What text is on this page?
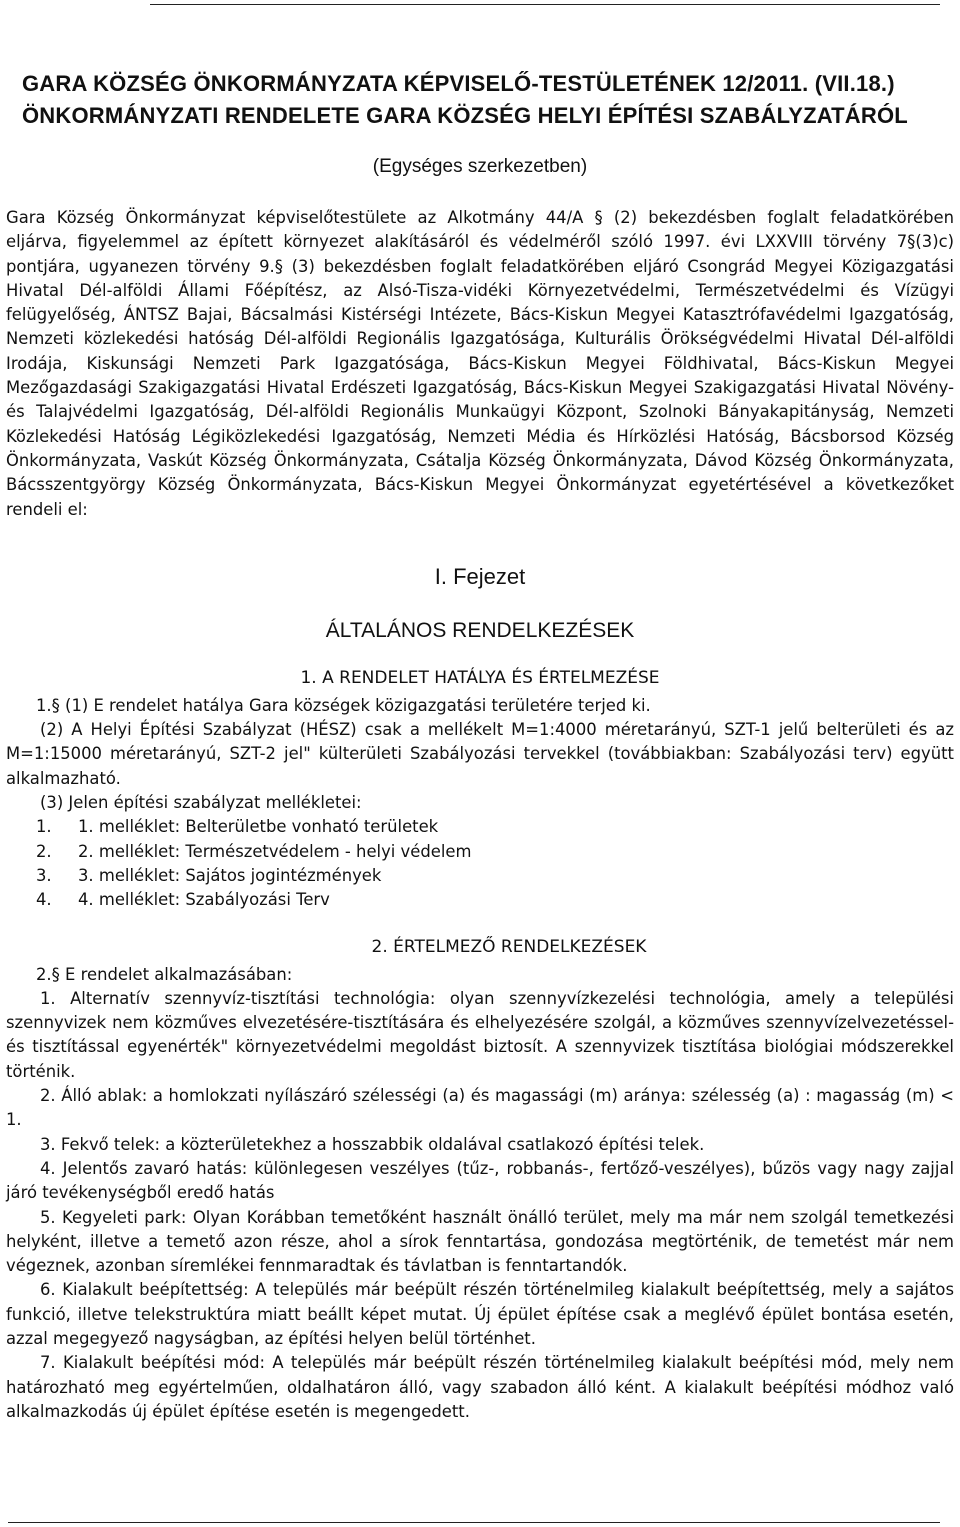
GARA KÖZSÉG ÖNKORMÁNYZATA KÉPVISELŐ-TESTÜLETÉNEK 12/2011. (VII.18.) ÖNKORMÁNYZATI RENDELETE GARA KÖZSÉG HELYI ÉPÍTÉSI SZABÁLYZATÁRÓL
(Egységes szerkezetben)

Gara Község Önkormányzat képviselőtestülete az Alkotmány 44/A § (2) bekezdésben foglalt feladatkörében eljárva, figyelemmel az épített környezet alakításáról és védelméről szóló 1997. évi LXXVIII törvény 7§(3)c) pontjára, ugyanezen törvény 9.§ (3) bekezdésben foglalt feladatkörében eljáró Csongrád Megyei Közigazgatási Hivatal Dél-alföldi Állami Főépítész, az Alsó-Tisza-vidéki Környezetvédelmi, Természetvédelmi és Vízügyi felügyelőség, ÁNTSZ Bajai, Bácsalmási Kistérségi Intézete, Bács-Kiskun Megyei Katasztrófavédelmi Igazgatóság, Nemzeti közlekedési hatóság Dél-alföldi Regionális Igazgatósága, Kulturális Örökségvédelmi Hivatal Dél-alföldi Irodája, Kiskunsági Nemzeti Park Igazgatósága, Bács-Kiskun Megyei Földhivatal, Bács-Kiskun Megyei Mezőgazdasági Szakigazgatási Hivatal Erdészeti Igazgatóság, Bács-Kiskun Megyei Szakigazgatási Hivatal Növény-és Talajvédelmi Igazgatóság, Dél-alföldi Regionális Munkaügyi Központ, Szolnoki Bányakapitányság, Nemzeti Közlekedési Hatóság Légiközlekedési Igazgatóság, Nemzeti Média és Hírközlési Hatóság, Bácsborsod Község Önkormányzata, Vaskút Község Önkormányzata, Csátalja Község Önkormányzata, Dávod Község Önkormányzata, Bácsszentgyörgy Község Önkormányzata, Bács-Kiskun Megyei Önkormányzat egyetértésével a következőket rendeli el:

I. Fejezet
ÁLTALÁNOS RENDELKEZÉSEK
1. A RENDELET HATÁLYA ÉS ÉRTELMEZÉSE

1.§ (1) E rendelet hatálya Gara községek közigazgatási területére terjed ki.

(2) A Helyi Építési Szabályzat (HÉSZ) csak a mellékelt M=1:4000 méretarányú, SZT-1 jelű belterületi és az M=1:15000 méretarányú, SZT-2 jel" külterületi Szabályozási tervekkel (továbbiakban: Szabályozási terv) együtt alkalmazható.

(3) Jelen építési szabályzat mellékletei:

1.	1. melléklet: Belterületbe vonható területek
2.	2. melléklet: Természetvédelem - helyi védelem
3.	3. melléklet: Sajátos jogintézmények
4.	4. melléklet: Szabályozási Terv
2. ÉRTELMEZŐ RENDELKEZÉSEK

2.§ E rendelet alkalmazásában:

1. Alternatív szennyvíz-tisztítási technológia: olyan szennyvízkezelési technológia, amely a települési szennyvizek nem közműves elvezetésére-tisztítására és elhelyezésére szolgál, a közműves szennyvízelvezetéssel-és tisztítással egyenérték" környezetvédelmi megoldást biztosít. A szennyvizek tisztítása biológiai módszerekkel történik.

2. Álló ablak: a homlokzati nyílászáró szélességi (a) és magassági (m) aránya: szélesség (a) : magasság (m) < 1.

3. Fekvő telek: a közterületekhez a hosszabbik oldalával csatlakozó építési telek.

4. Jelentős zavaró hatás: különlegesen veszélyes (tűz-, robbanás-, fertőző-veszélyes), bűzös vagy nagy zajjal járó tevékenységből eredő hatás

5. Kegyeleti park: Olyan Korábban temetőként használt önálló terület, mely ma már nem szolgál temetkezési helyként, illetve a temető azon része, ahol a sírok fenntartása, gondozása megtörténik, de temetést már nem végeznek, azonban síremlékei fennmaradtak és távlatban is fenntartandók.

6. Kialakult beépítettség: A település már beépült részén történelmileg kialakult beépítettség, mely a sajátos funkció, illetve telekstruktúra miatt beállt képet mutat. Új épület építése csak a meglévő épület bontása esetén, azzal megegyező nagyságban, az építési helyen belül történhet.

7. Kialakult beépítési mód: A település már beépült részén történelmileg kialakult beépítési mód, mely nem határozható meg egyértelműen, oldalhatáron álló, vagy szabadon álló ként. A kialakult beépítési módhoz való alkalmazkodás új épület építése esetén is megengedett.
